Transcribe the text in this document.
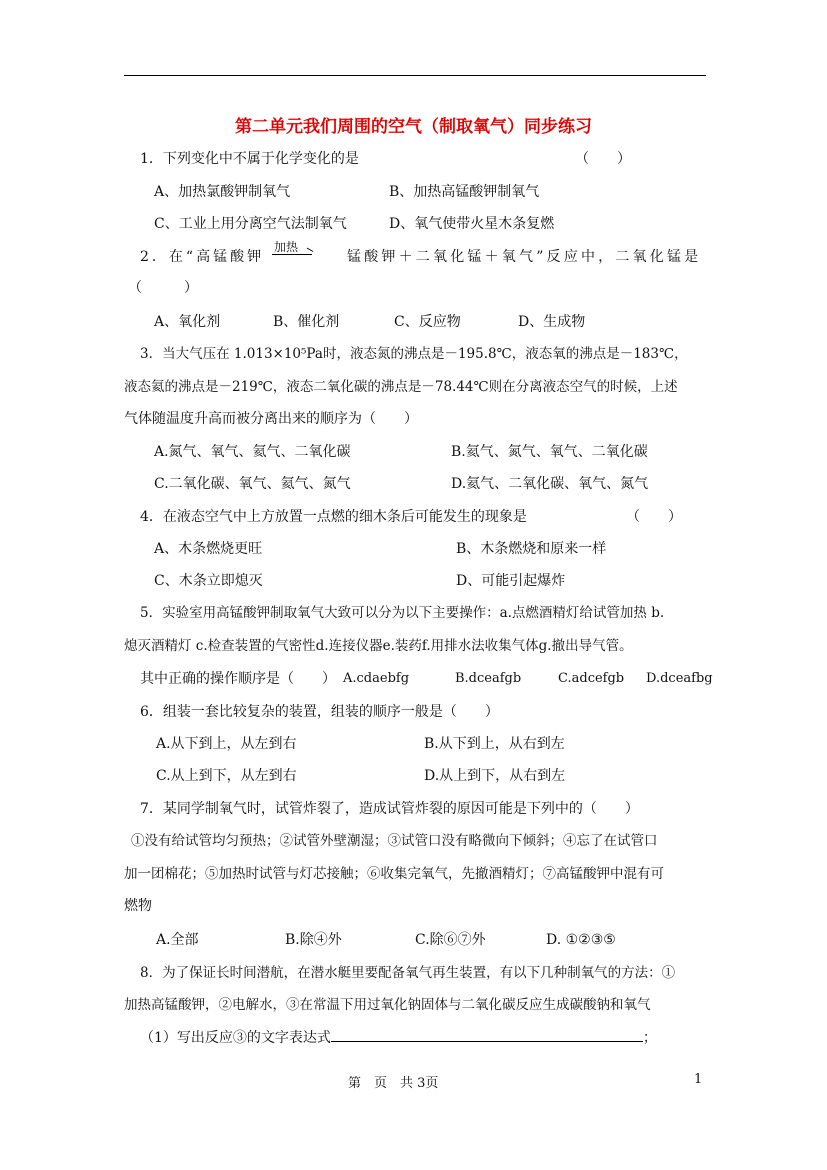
第二单元我们周围的空气（制取氧气）同步练习
1．下列变化中不属于化学变化的是	（　　）
A、加热氯酸钾制氧气	B、加热高锰酸钾制氧气
C、工业上用分离空气法制氧气	D、氧气使带火星木条复燃
2．在“高锰酸钾
加热
锰酸钾＋二氧化锰＋氧气”反应中，二氧化锰是
（　　　）
A、氧化剂	B、催化剂	C、反应物	D、生成物
3．当大气压在 1.013×10⁵Pa时，液态氮的沸点是－195.8℃，液态氧的沸点是－183℃，
液态氦的沸点是－219℃，液态二氧化碳的沸点是－78.44℃则在分离液态空气的时候，上述
气体随温度升高而被分离出来的顺序为（　　）
A.氮气、氧气、氦气、二氧化碳	B.氦气、氮气、氧气、二氧化碳
C.二氧化碳、氧气、氦气、氮气	D.氦气、二氧化碳、氧气、氮气
4．在液态空气中上方放置一点燃的细木条后可能发生的现象是	（　　）
A、木条燃烧更旺	B、木条燃烧和原来一样
C、木条立即熄灭	D、可能引起爆炸
5．实验室用高锰酸钾制取氧气大致可以分为以下主要操作：a.点燃酒精灯给试管加热 b.
熄灭酒精灯 c.检查装置的气密性d.连接仪器e.装药f.用排水法收集气体g.撤出导气管。
其中正确的操作顺序是（　　） A.cdaebfg	B.dceafgb	C.adcefgb D.dceafbg
6．组装一套比较复杂的装置，组装的顺序一般是（　　）
A.从下到上，从左到右	B.从下到上，从右到左
C.从上到下，从左到右	D.从上到下，从右到左
7．某同学制氧气时，试管炸裂了，造成试管炸裂的原因可能是下列中的（　　）
①没有给试管均匀预热；②试管外壁潮湿；③试管口没有略微向下倾斜；④忘了在试管口
加一团棉花；⑤加热时试管与灯芯接触；⑥收集完氧气，先撤酒精灯；⑦高锰酸钾中混有可
燃物
A.全部	B.除④外	C.除⑥⑦外	D. ①②③⑤
8．为了保证长时间潜航，在潜水艇里要配备氧气再生装置，有以下几种制氧气的方法：①
加热高锰酸钾，②电解水，③在常温下用过氧化钠固体与二氧化碳反应生成碳酸钠和氧气
（1）写出反应③的文字表达式	；
第　页　共 3页	1
